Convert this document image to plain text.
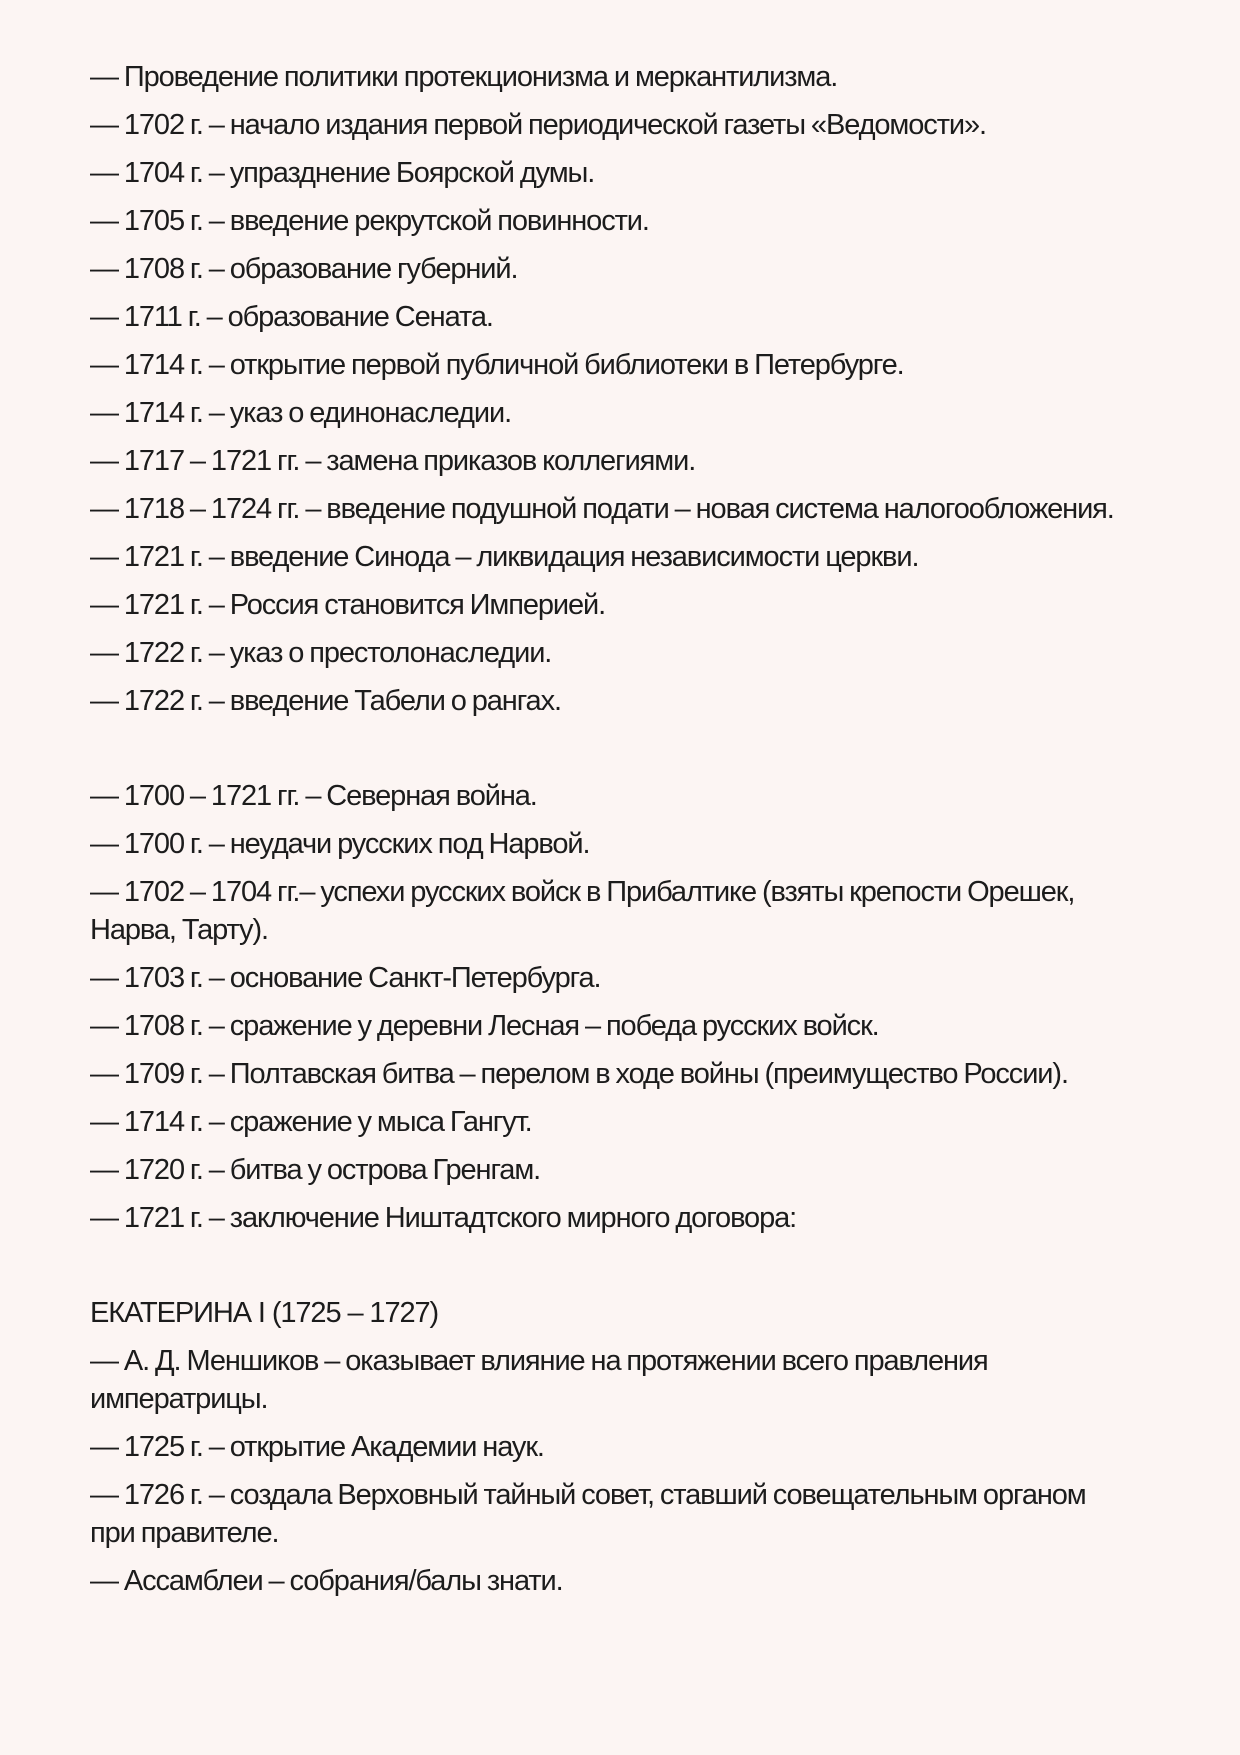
— Проведение политики протекционизма и меркантилизма.
— 1702 г. – начало издания первой периодической газеты «Ведомости».
— 1704 г. – упразднение Боярской думы.
— 1705 г. – введение рекрутской повинности.
— 1708 г. – образование губерний.
— 1711 г. – образование Сената.
— 1714 г. – открытие первой публичной библиотеки в Петербурге.
— 1714 г. – указ о единонаследии.
— 1717 – 1721 гг. – замена приказов коллегиями.
— 1718 – 1724 гг. – введение подушной подати – новая система налогообложения.
— 1721 г. – введение Синода – ликвидация независимости церкви.
— 1721 г. – Россия становится Империей.
— 1722 г. – указ о престолонаследии.
— 1722 г. – введение Табели о рангах.
— 1700 – 1721 гг. – Северная война.
— 1700 г. – неудачи русских под Нарвой.
— 1702 – 1704 гг.– успехи русских войск в Прибалтике (взяты крепости Орешек, Нарва, Тарту).
— 1703 г. – основание Санкт-Петербурга.
— 1708 г. – сражение у деревни Лесная – победа русских войск.
— 1709 г. – Полтавская битва – перелом в ходе войны (преимущество России).
— 1714 г. – сражение у мыса Гангут.
— 1720 г. – битва у острова Гренгам.
— 1721 г. – заключение Ништадтского мирного договора:
ЕКАТЕРИНА I (1725 – 1727)
— А. Д. Меншиков – оказывает влияние на протяжении всего правления императрицы.
— 1725 г. – открытие Академии наук.
— 1726 г. – создала Верховный тайный совет, ставший совещательным органом при правителе.
— Ассамблеи – собрания/балы знати.
